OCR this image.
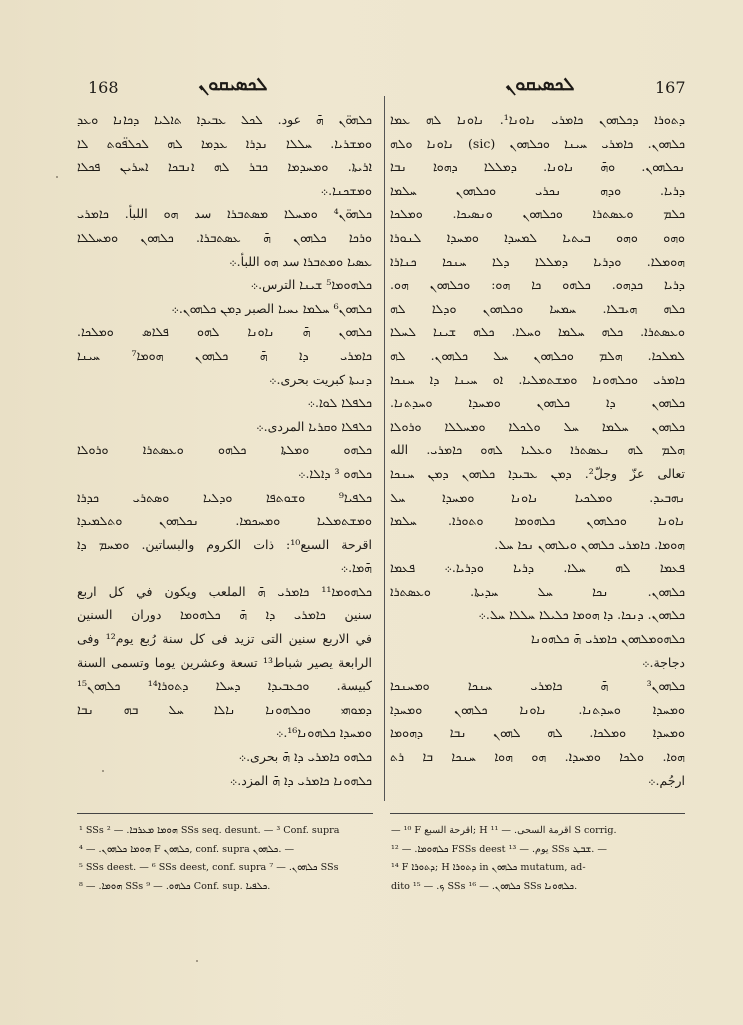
168	ܠܟܣܝܩܘܢ	167
ܠܟܣܝܩܘܢ

ܟܠܗܘ̈ܢ ܗ̄ عود. ܠܟܠ ܥܒܝܕܐ ܬܐܠܝܐ ܕܟܐܢܐ ܘܥܕ

ܘܡܫܪܝܐ. ܚܠܠܐ ܢܕܪܐ ܥܕܡܐ ܠܗ ܠܟܠܦ̈ܘܬ ܠܐ

ܐܪܝܬܐ. ܘܡܚܕܡܐ ܟܒܪ ܠܗ ܐܢܒܟܐ ܐܚܪܝܢ ܦܟܠܐ

ܘܡܫܟܢܐ.܀

ܟܠܗܘ̈ܢ⁴ ܘܡܚܠܐ ܡܣܬܒܪܐ سد ܗܘ اللبأ. ܟܐܡܪܝ

ܘܪܟܐ ܟܠܗܘܢ ܗ̄ ܥܣܬܒܪܐ. ܟܠܗܘܢ ܘܡܚܠܠܐ

ܥܣܝܐ ܘܡܬܒܪܐ سد ܗܘ اللبأ.܀

ܟܠܗܘܡܐ⁵ ܫܝܢܐ الترس.܀

ܟܠܗܘܢ⁶ ܚܠܡܐ ܝܚܝܐ الصبر ܕܡܢ ܟܠܗܘܢ.܀

ܟܠܗܘܢ ܗ̄ ܢܐܘܢܐ ܠܗܘ ܦܠܐܣ ܘܡܠܟܐ.

ܟܐܡܪܝ ܕܐ ܗ̄ ܟܠܗܘܢ ܗܘܡܐ⁷ ܚܝܢܐ

ܕܢܝܬܐ كبريت بحرى.܀

ܟܠܦܠܐ ܠܘܐ.܀

ܟܠܦܠܐ ܘܩܪܝܐ المردى.܀

ܟܠܗܘ ܘܡܠܬܐ ܟܠܗܘ ܘܥܣܬܪܐ ܘܪܘܠܐ

ܟܠܗܘ ³ ܕܐܠܐ.܀

ܟܠܦܝܐ⁹ ܘܫܘܬܦܐ ܘܕܠܝܐ ܘܣܬܪܝ ܟܕܪܐ

ܘܡܫܬܡܠܝܐ ܘܡܚܟܡܐ. ܢܟܠܗܘܢ ܘܬܠܡܝܕܐ

اقرحة السبع¹⁰: ذات الكروم والبساتين. ܘܡܚܡ ܕܐ

ܗ̄ܡܐ.܀

ܟܠܗܘܡܐ¹¹ ܟܐܡܪܝ ܗ̄ الملعب ويكون في كل اربع

سنين ܟܐܡܪܝ ܕܐ ܗ̄ ܟܠܗܘܡܐ دوران السنين

في الاربع سنين التى تزيد فى كل سنة رُبع يوم¹² وفى

الرابعة يصير شباط¹³ تسعة وعشرين يوما وتسمى السنة

كبيسة. ܘܟܥܒܝܕܐ ܕܚܠܐ ܕܬܘܪܐ¹⁴ ܟܠܗܘܢ¹⁵

ܕܡܘܗܝ ܘܟܠܗܘܢܐ ܢܐܠܐ ܚܠ ܒܗ ܢܒܐ

ܘܡܚܕܐ ܟܠܗܘܢܐ¹⁶.܀

ܟܠܗܘ ܟܐܡܪܝ ܕܐ ܗ̄ بحرى.܀

ܟܠܗܘܢܐ ܟܐܡܪܝ ܕܐ ܗ̄ المزد.܀

ܕܬܘܪܐ ܕܟܠܗܘܢ ܟܐܡܪܝ ܢܐܘܢܐ¹. ܢܐܘܢܐ ܠܗ ܥܡܐ

ܟܠܗܘܢ. ܟܐܡܪܝ ܚܝܢܐ ܘܟܠܗܘܢ (sic) ܢܐܘܢܐ ܘܠܗ

ܢܟܠܗܘܢ. ܘܗ̄ ܢܐܘܢܐ. ܕܡܠܠܐ ܕܗܘܐ ܢܒܐ

ܕܪܝܐ. ܘܕܗ ܢܟܪܝ ܘܟܠܗܘܢ ܚܠܡܐ

ܟܠܡ ܘܥܣܬܪܐ ܘܟܠܗܘܢ ܘܢܣܝܟܐ. ܘܡܠܟܐ

ܘܗܘ ܘܗܘ ܒܝܬܝܐ ܠܡܚܕܐ ܘܡܚܕܐ ܠܢܘܪܐ

ܗܘܡܠܐ. ܘܕܪܝܐ ܕܡܠܠܐ ܕܠܐ ܚܢܟܐ ܟܢܐܪܐ

ܕܪܝܐ ܟܕܗܘ. ܟܠܗܘ ܟܐ ܗܘ: ܘܟܠܗܘܢ ܗܘ.

ܟܠܗ ܗܝܒܠܐ. ܚܡܚܐ ܘܟܠܗܘܢ ܘܕܠܐ ܠܗ

ܘܥܣܬܪܐ. ܟܠܗ ܚܠܡܐ ܘܚܠܐ. ܟܠܗ ܫܝܢܐ ܠܚܠܐ

ܠܡܠܟܐ. ܗܠܡ ܘܟܠܗܘܢ ܚܠ ܟܠܗܘܢ. ܠܗ

ܟܐܡܪܝ ܘܟܠܗܘܢܐ ܘܡܫܬܡܠܝܐ. ܐܘ ܚܝܢܐ ܕܐ ܚܢܟܐ

ܟܠܗܘܢ ܕܐ ܟܠܗܘܢ ܘܡܚܕܐ ܘܚܕܬܢܐ.

ܟܠܗܘܢ ܚܠܡܐ ܚܠ ܘܠܟܠܐ ܘܡܚܠܠܐ ܘܪܘܠܐ

ܗܠܡ ܠܗ ܢܥܣܬܪܐ ܘܥܠܝܐ ܠܗܘ ܟܐܡܪܝ. الله

تعالى عزّ وجلّ². ܕܡܢ ܥܒܝܕܐ ܟܠܗܘܢ ܕܡܢ ܚܢܟܐ

ܢܗܒܝܕ. ܘܡܠܟܝܐ ܢܐܘܢܐ ܘܡܚܕܐ ܚܠ

ܢܐܘܢܐ ܘܟܠܗܘܢ ܟܠܗܘܡܐ ܘܬܘܪܐ. ܚܠܡܐ

ܗܘܡܐ. ܟܐܡܪܝ ܟܠܗܘܢ ܘܝܠܗܘܢ ܢܟܐ ܚܠ.

ܦܥܡܐ ܠܗ ܚܠܐ. ܕܪܝܐ ܘܕܪܝܐ.܀ ܦܥܡܐ

ܟܠܗܘܢ. ܢܟܐ ܚܠ ܚܕܝܬܐ. ܘܥܣܬܪܐ

ܟܠܗܘܢ. ܕܢܟܐ. ܕܐ ܗܘܡܐ ܟܠܝܠܐ ܚܠܠܐ ܚܠ.܀

ܟܠܗܘܡܠܗܘܢ ܟܐܡܪܝ ܗ̄ ܟܠܗܘܢܐ

دجاجة.܀

ܟܠܗܘܢ³ ܗ̄ ܟܐܡܪܝ ܚܢܟܐ ܘܡܚܢܟܐ

ܘܡܚܕܐ ܘܚܕܬܢܐ. ܢܐܘܢܐ ܟܠܗܘܢ ܘܡܚܕܐ

ܘܡܚܕܐ ܘܡܠܟܐ. ܠܗ ܠܗܘܢ ܢܒܐ ܕܗܘܡܐ

ܗܘܐ. ܘܠܟܐ ܘܡܚܕܐ. ܗܘ ܗܘܐ ܚܢܟܐ ܒܐ ܪܬ

ارجُم.܀

¹ SSs ܗܘܡܐ ܡܥܪܒܐ. — ² SSs seq. desunt. — ³ Conf. supra

ܗܘܡܐ ܟܠܗܘܢ. — ⁴ F ܟܠܗܘܢ, conf. supra ܟܠܗܘܢ. —

⁵ SSs deest. — ⁶ SSs deest, conf. supra ܟܠܗܘܢ. — ⁷ SSs

ܗܘܡܐ. — ⁸ SSs ܟܠܗܘ. — ⁹ Conf. sup. ܟܠܦܝܐ.

— ¹⁰ F اقرحة السبع; H اقرمة السحى. — ¹¹ S corrig.

ܟܠܗܘܡܐ. — ¹² FSSs deest يوم. — ¹³ SSs ܫܒܛ. —

¹⁴ F ܕܬܘܪܐ; H ܕܬܘܪܐ in ܟܠܗܘܢ mutatum, ad-

dito ܟ. — ¹⁵ SSs ܟܠܗܘܢ. — ¹⁶ SSs ܟܠܗܘܢܐ.
